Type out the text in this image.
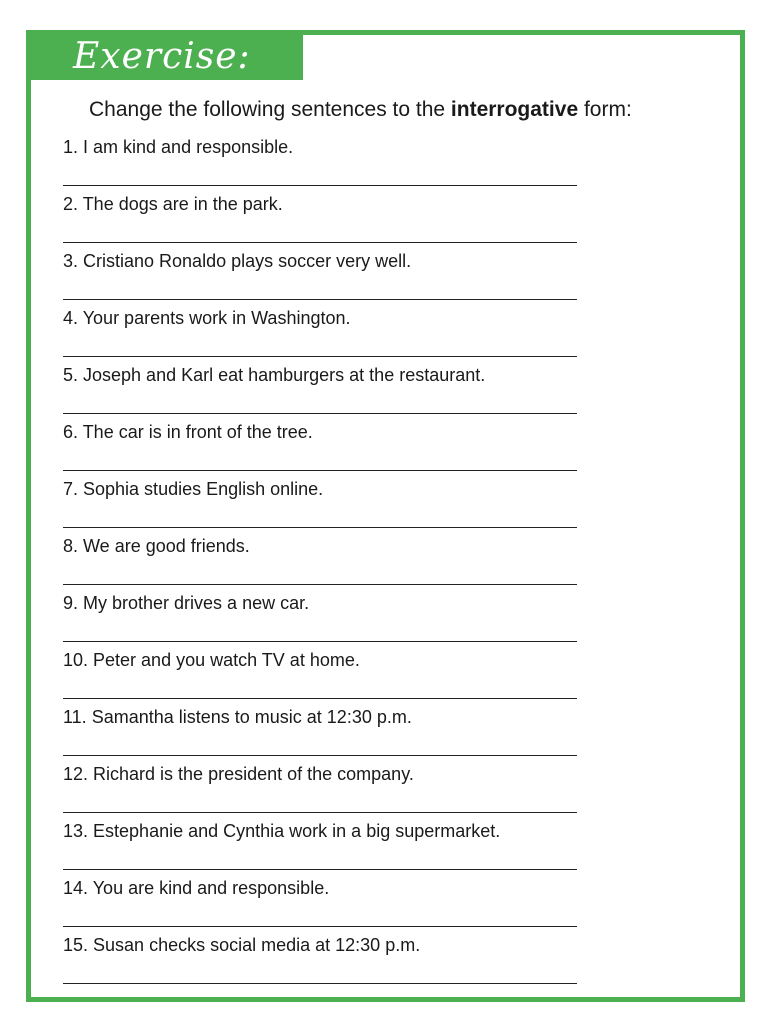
Exercise:
Change the following sentences to the interrogative form:
1. I am kind and responsible.
2. The dogs are in the park.
3. Cristiano Ronaldo plays soccer very well.
4. Your parents work in Washington.
5. Joseph and Karl eat hamburgers at the restaurant.
6. The car is in front of the tree.
7. Sophia studies English online.
8. We are good friends.
9. My brother drives a new car.
10. Peter and you watch TV at home.
11. Samantha listens to music at 12:30 p.m.
12. Richard is the president of the company.
13. Estephanie and Cynthia work in a big supermarket.
14. You are kind and responsible.
15. Susan checks social media at 12:30 p.m.
